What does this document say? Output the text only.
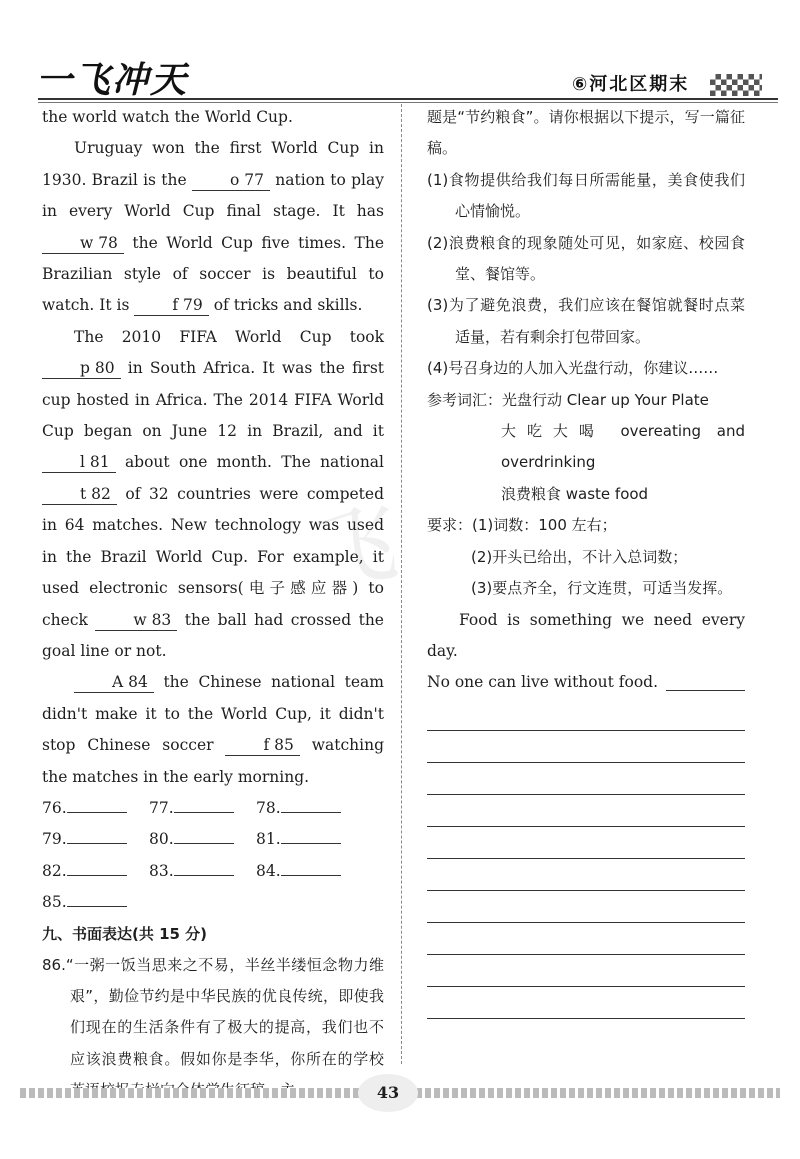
一飞冲天	⑥河北区期末
飞

the world watch the World Cup.

Uruguay won the first World Cup in 1930. Brazil is the	o 77 nation to play in every World Cup final stage. It has w 78 the World Cup five times. The Brazilian style of soccer is beautiful to watch. It is	f 79 of tricks and skills.

The 2010 FIFA World Cup took p 80 in South Africa. It was the first cup hosted in Africa. The 2014 FIFA World Cup began on June 12 in Brazil, and it l 81 about one month. The national t 82 of 32 countries were competed in 64 matches. New technology was used in the Brazil World Cup. For example, it used electronic sensors(电子感应器) to check	w 83 the ball had crossed the goal line or not.

A 84 the Chinese national team didn't make it to the World Cup, it didn't stop Chinese soccer	f 85 watching the matches in the early morning.

76.	77.	78.
79.	80.	81.
82.	83.	84.
85.

九、书面表达(共 15 分)

86.“一粥一饭当思来之不易，半丝半缕恒念物力维艰”，勤俭节约是中华民族的优良传统，即使我们现在的生活条件有了极大的提高，我们也不应该浪费粮食。假如你是李华，你所在的学校

题是“节约粮食”。请你根据以下提示，写一篇征稿。

(1)食物提供给我们每日所需能量，美食使我们心情愉悦。

(2)浪费粮食的现象随处可见，如家庭、校园食堂、餐馆等。

(3)为了避免浪费，我们应该在餐馆就餐时点菜适量，若有剩余打包带回家。

(4)号召身边的人加入光盘行动，你建议……

参考词汇：光盘行动 Clear up Your Plate

大吃大喝 overeating and overdrinking

浪费粮食 waste food

要求：(1)词数：100 左右；

(2)开头已给出，不计入总词数；

(3)要点齐全，行文连贯，可适当发挥。

Food is something we need every day.

No one can live without food.
43
